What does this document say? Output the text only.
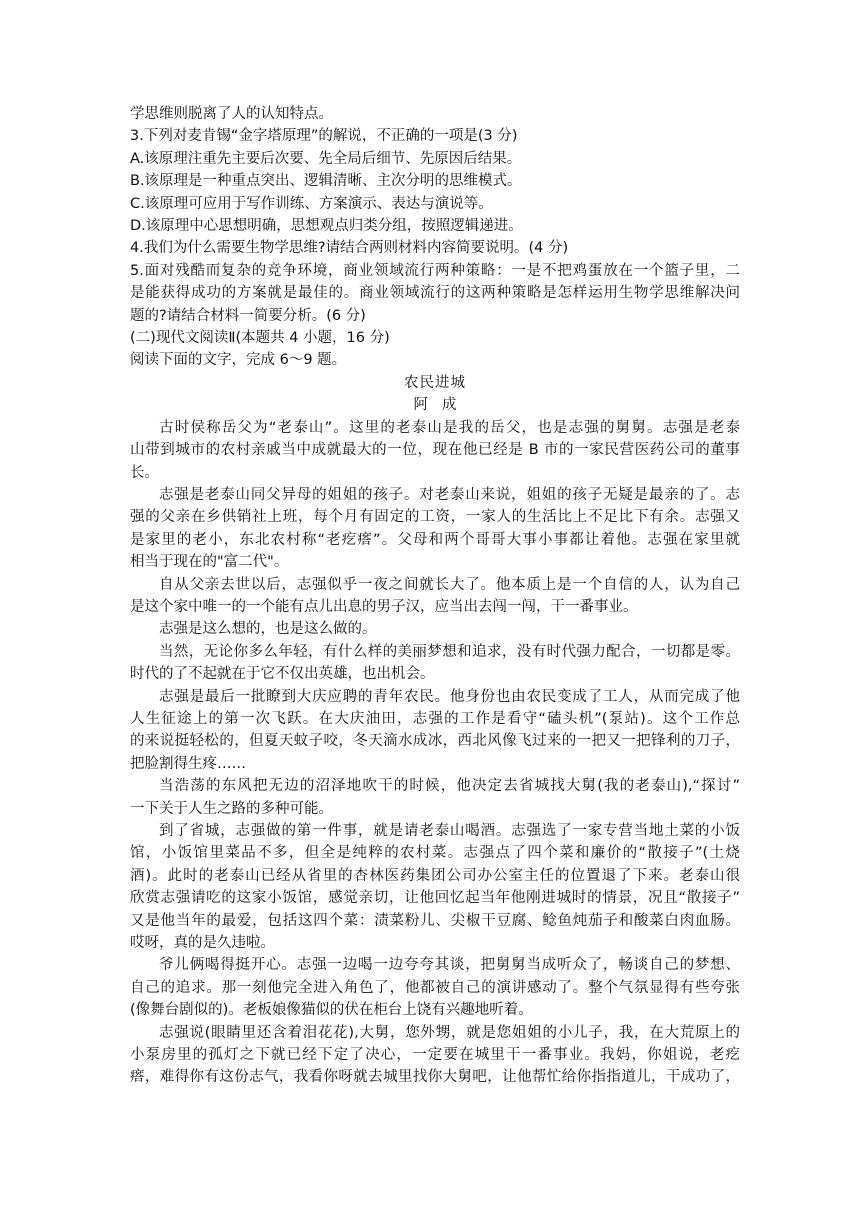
学思维则脱离了人的认知特点。
3.下列对麦肯锡“金字塔原理”的解说，不正确的一项是(3 分)
A.该原理注重先主要后次要、先全局后细节、先原因后结果。
B.该原理是一种重点突出、逻辑清晰、主次分明的思维模式。
C.该原理可应用于写作训练、方案演示、表达与演说等。
D.该原理中心思想明确，思想观点归类分组，按照逻辑递进。
4.我们为什么需要生物学思维?请结合两则材料内容简要说明。(4 分)
5.面对残酷而复杂的竞争环境，商业领域流行两种策略：一是不把鸡蛋放在一个篮子里，二
是能获得成功的方案就是最佳的。商业领域流行的这两种策略是怎样运用生物学思维解决问
题的?请结合材料一简要分析。(6 分)
(二)现代文阅读Ⅱ(本题共 4 小题，16 分)
阅读下面的文字，完成 6～9 题。
农民进城
阿成
古时侯称岳父为“老泰山”。这里的老泰山是我的岳父，也是志强的舅舅。志强是老泰
山带到城市的农村亲戚当中成就最大的一位，现在他已经是 B 市的一家民营医药公司的董事
长。
志强是老泰山同父异母的姐姐的孩子。对老泰山来说，姐姐的孩子无疑是最亲的了。志
强的父亲在乡供销社上班，每个月有固定的工资，一家人的生活比上不足比下有余。志强又
是家里的老小，东北农村称“老疙瘩”。父母和两个哥哥大事小事都让着他。志强在家里就
相当于现在的"富二代"。
自从父亲去世以后，志强似乎一夜之间就长大了。他本质上是一个自信的人，认为自己
是这个家中唯一的一个能有点儿出息的男子汉，应当出去闯一闯，干一番事业。
志强是这么想的，也是这么做的。
当然，无论你多么年轻，有什么样的美丽梦想和追求，没有时代强力配合，一切都是零。
时代的了不起就在于它不仅出英雄，也出机会。
志强是最后一批瞭到大庆应聘的青年农民。他身份也由农民变成了工人，从而完成了他
人生征途上的第一次飞跃。在大庆油田，志强的工作是看守“磕头机”(泵站)。这个工作总
的来说挺轻松的，但夏天蚊子咬，冬天滴水成冰，西北风像飞过来的一把又一把锋利的刀子，
把脸割得生疼……
当浩荡的东风把无边的沼泽地吹干的时候，他决定去省城找大舅(我的老泰山),“探讨”
一下关于人生之路的多种可能。
到了省城，志强做的第一件事，就是请老泰山喝酒。志强选了一家专营当地土菜的小饭
馆，小饭馆里菜品不多，但全是纯粹的农村菜。志强点了四个菜和廉价的“散接子”(土烧
酒)。此时的老泰山已经从省里的杏林医药集团公司办公室主任的位置退了下来。老泰山很
欣赏志强请吃的这家小饭馆，感觉亲切，让他回忆起当年他刚进城时的情景，况且“散接子”
又是他当年的最爱，包括这四个菜：渍菜粉儿、尖椒干豆腐、鲶鱼炖茄子和酸菜白肉血肠。
哎呀，真的是久违啦。
爷儿俩喝得挺开心。志强一边喝一边夸夸其谈，把舅舅当成听众了，畅谈自己的梦想、
自己的追求。那一刻他完全进入角色了，他都被自己的演讲感动了。整个气氛显得有些夸张
(像舞台剧似的)。老板娘像猫似的伏在柜台上饶有兴趣地听着。
志强说(眼睛里还含着泪花花),大舅，您外甥，就是您姐姐的小儿子，我，在大荒原上的
小泵房里的孤灯之下就已经下定了决心，一定要在城里干一番事业。我妈，你姐说，老疙
瘩，难得你有这份志气，我看你呀就去城里找你大舅吧，让他帮忙给你指指道儿，干成功了，
